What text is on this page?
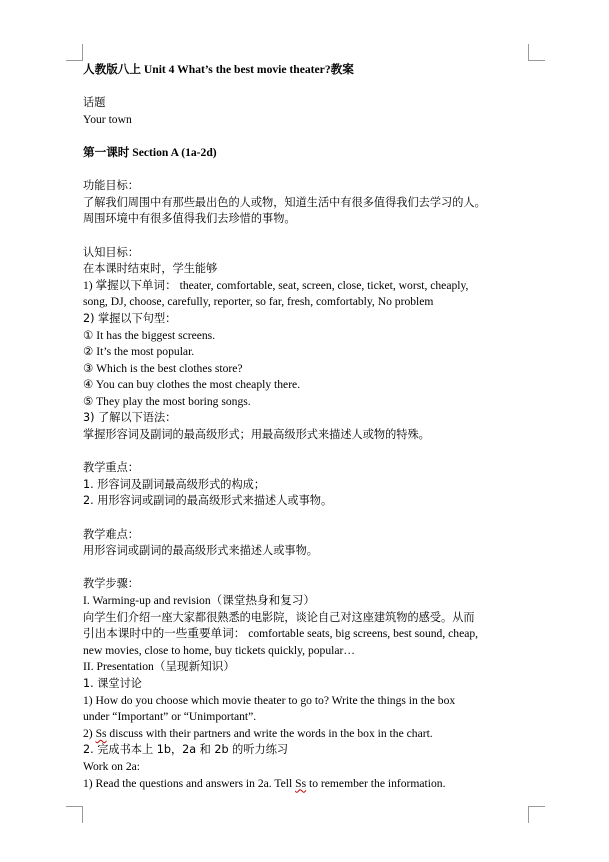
人教版八上 Unit 4 What’s the best movie theater?教案
话题
Your town
第一课时 Section A (1a-2d)
功能目标：
了解我们周围中有那些最出色的人或物，知道生活中有很多值得我们去学习的人。
周围环境中有很多值得我们去珍惜的事物。
认知目标：
在本课时结束时，学生能够
1) 掌握以下单词： theater, comfortable, seat, screen, close, ticket, worst, cheaply,
song, DJ, choose, carefully, reporter, so far, fresh, comfortably, No problem
2) 掌握以下句型：
① It has the biggest screens.
② It’s the most popular.
③ Which is the best clothes store?
④ You can buy clothes the most cheaply there.
⑤ They play the most boring songs.
3) 了解以下语法：
掌握形容词及副词的最高级形式；用最高级形式来描述人或物的特殊。
教学重点：
1. 形容词及副词最高级形式的构成；
2. 用形容词或副词的最高级形式来描述人或事物。
教学难点：
用形容词或副词的最高级形式来描述人或事物。
教学步骤：
I. Warming-up and revision（课堂热身和复习）
向学生们介绍一座大家都很熟悉的电影院，谈论自己对这座建筑物的感受。从而
引出本课时中的一些重要单词： comfortable seats, big screens, best sound, cheap,
new movies, close to home, buy tickets quickly, popular…
II. Presentation（呈现新知识）
1. 课堂讨论
1) How do you choose which movie theater to go to? Write the things in the box
under “Important” or “Unimportant”.
2) Ss discuss with their partners and write the words in the box in the chart.
2. 完成书本上 1b，2a 和 2b 的听力练习
Work on 2a:
1) Read the questions and answers in 2a. Tell Ss to remember the information.
